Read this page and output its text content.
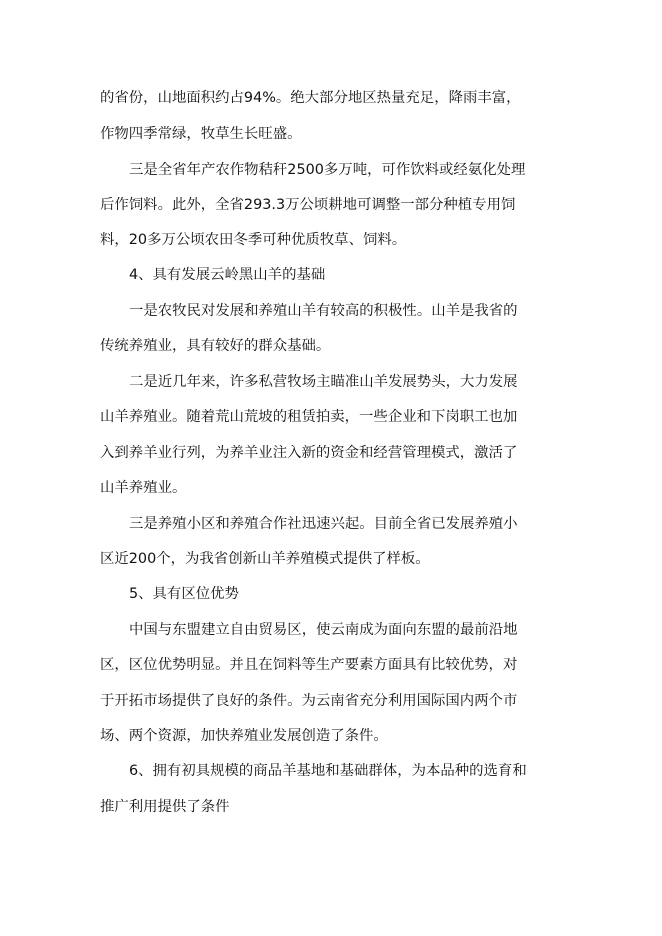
的省份，山地面积约占94%。绝大部分地区热量充足，降雨丰富，
作物四季常绿，牧草生长旺盛。
三是全省年产农作物秸秆2500多万吨，可作饮料或经氨化处理
后作饲料。此外，全省293.3万公顷耕地可调整一部分种植专用饲
料，20多万公顷农田冬季可种优质牧草、饲料。
4、具有发展云岭黑山羊的基础
一是农牧民对发展和养殖山羊有较高的积极性。山羊是我省的
传统养殖业，具有较好的群众基础。
二是近几年来，许多私营牧场主瞄准山羊发展势头，大力发展
山羊养殖业。随着荒山荒坡的租赁拍卖，一些企业和下岗职工也加
入到养羊业行列，为养羊业注入新的资金和经营管理模式，激活了
山羊养殖业。
三是养殖小区和养殖合作社迅速兴起。目前全省已发展养殖小
区近200个，为我省创新山羊养殖模式提供了样板。
5、具有区位优势
中国与东盟建立自由贸易区，使云南成为面向东盟的最前沿地
区，区位优势明显。并且在饲料等生产要素方面具有比较优势，对
于开拓市场提供了良好的条件。为云南省充分利用国际国内两个市
场、两个资源，加快养殖业发展创造了条件。
6、拥有初具规模的商品羊基地和基础群体，为本品种的选育和
推广利用提供了条件
